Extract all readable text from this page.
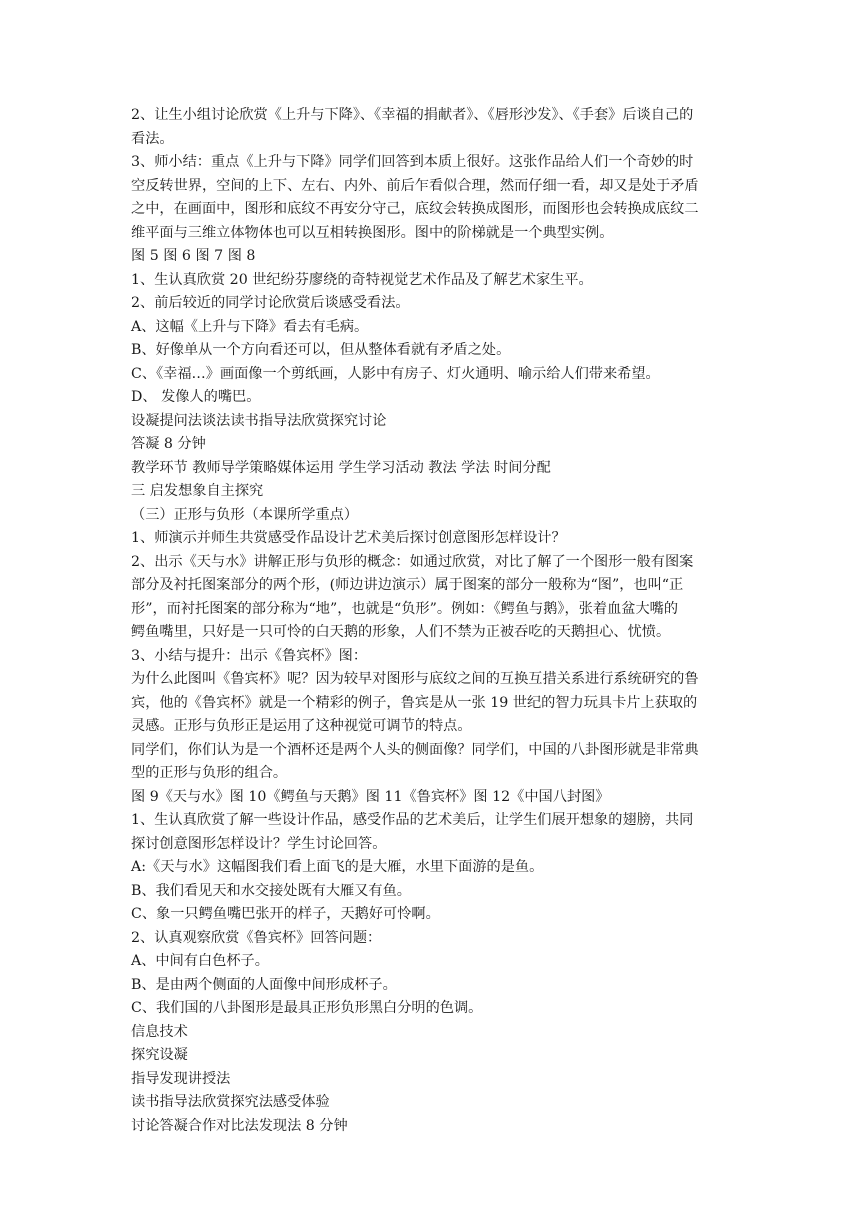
2、让生小组讨论欣赏《上升与下降》、《幸福的捐献者》、《唇形沙发》、《手套》后谈自己的
看法。
3、师小结：重点《上升与下降》同学们回答到本质上很好。这张作品给人们一个奇妙的时
空反转世界，空间的上下、左右、内外、前后乍看似合理，然而仔细一看，却又是处于矛盾
之中，在画面中，图形和底纹不再安分守己，底纹会转换成图形，而图形也会转换成底纹二
维平面与三维立体物体也可以互相转换图形。图中的阶梯就是一个典型实例。
图 5 图 6 图 7 图 8
1、生认真欣赏 20 世纪纷芬廖绕的奇特视觉艺术作品及了解艺术家生平。
2、前后较近的同学讨论欣赏后谈感受看法。
A、这幅《上升与下降》看去有毛病。
B、好像单从一个方向看还可以，但从整体看就有矛盾之处。
C、《幸福…》画面像一个剪纸画，人影中有房子、灯火通明、喻示给人们带来希望。
D、 发像人的嘴巴。
设凝提问法谈法读书指导法欣赏探究讨论
答凝 8 分钟
教学环节 教师导学策略媒体运用 学生学习活动 教法 学法 时间分配
三 启发想象自主探究
（三）正形与负形（本课所学重点）
1、师演示并师生共赏感受作品设计艺术美后探讨创意图形怎样设计？
2、出示《天与水》讲解正形与负形的概念：如通过欣赏，对比了解了一个图形一般有图案
部分及衬托图案部分的两个形，(师边讲边演示）属于图案的部分一般称为“图”，也叫“正
形”，而衬托图案的部分称为“地”，也就是“负形”。例如：《鳄鱼与鹅》，张着血盆大嘴的
鳄鱼嘴里，只好是一只可怜的白天鹅的形象，人们不禁为正被吞吃的天鹅担心、忧愤。
3、小结与提升：出示《鲁宾杯》图：
为什么此图叫《鲁宾杯》呢？因为较早对图形与底纹之间的互换互措关系进行系统研究的鲁
宾，他的《鲁宾杯》就是一个精彩的例子，鲁宾是从一张 19 世纪的智力玩具卡片上获取的
灵感。正形与负形正是运用了这种视觉可调节的特点。
同学们，你们认为是一个酒杯还是两个人头的侧面像？同学们，中国的八卦图形就是非常典
型的正形与负形的组合。
图 9《天与水》图 10《鳄鱼与天鹅》图 11《鲁宾杯》图 12《中国八封图》
1、生认真欣赏了解一些设计作品，感受作品的艺术美后，让学生们展开想象的翅膀，共同
探讨创意图形怎样设计？学生讨论回答。
A:《天与水》这幅图我们看上面飞的是大雁，水里下面游的是鱼。
B、我们看见天和水交接处既有大雁又有鱼。
C、象一只鳄鱼嘴巴张开的样子，天鹅好可怜啊。
2、认真观察欣赏《鲁宾杯》回答问题：
A、中间有白色杯子。
B、是由两个侧面的人面像中间形成杯子。
C、我们国的八卦图形是最具正形负形黑白分明的色调。
信息技术
探究设凝
指导发现讲授法
读书指导法欣赏探究法感受体验
讨论答凝合作对比法发现法 8 分钟
